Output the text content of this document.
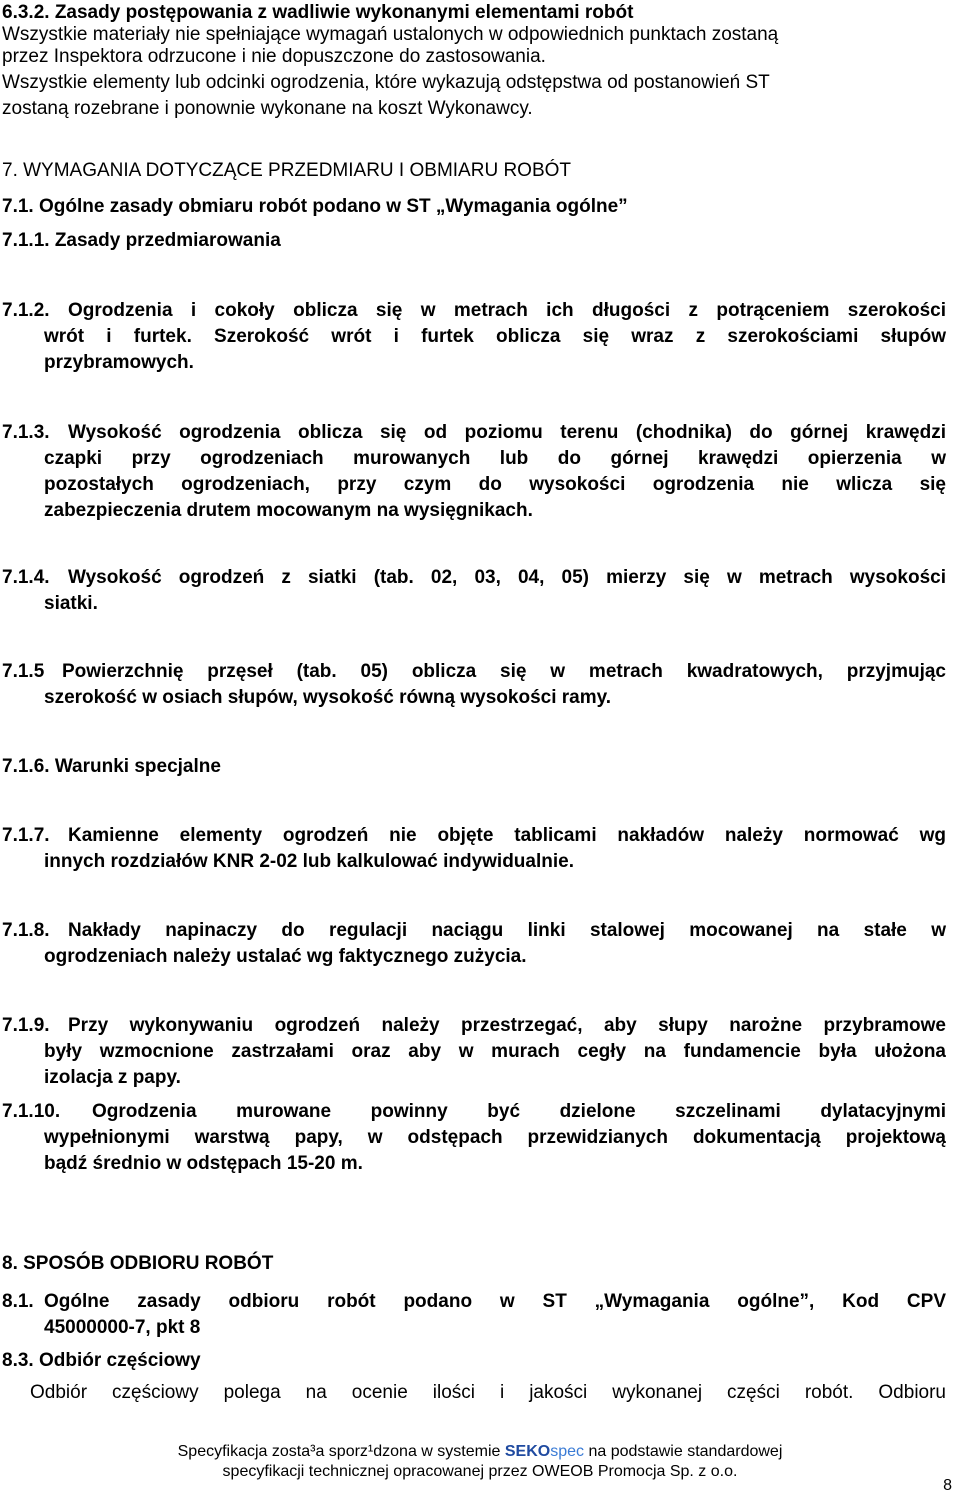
6.3.2. Zasady postępowania z wadliwie wykonanymi elementami robót
Wszystkie materiały nie spełniające wymagań ustalonych w odpowiednich punktach zostaną
przez Inspektora odrzucone i nie dopuszczone do zastosowania.
Wszystkie elementy lub odcinki ogrodzenia, które wykazują odstępstwa od postanowień ST
zostaną rozebrane i ponownie wykonane na koszt Wykonawcy.
7. WYMAGANIA DOTYCZĄCE PRZEDMIARU I OBMIARU ROBÓT
7.1. Ogólne zasady obmiaru robót podano w ST „Wymagania ogólne”
7.1.1. Zasady przedmiarowania
7.1.2. Ogrodzenia i cokoły oblicza się w metrach ich długości z potrąceniem szerokości
wrót i furtek. Szerokość wrót i furtek oblicza się wraz z szerokościami słupów
przybramowych.
7.1.3. Wysokość ogrodzenia oblicza się od poziomu terenu (chodnika) do górnej krawędzi
czapki przy ogrodzeniach murowanych lub do górnej krawędzi opierzenia w
pozostałych ogrodzeniach, przy czym do wysokości ogrodzenia nie wlicza się
zabezpieczenia drutem mocowanym na wysięgnikach.
7.1.4. Wysokość ogrodzeń z siatki (tab. 02, 03, 04, 05) mierzy się w metrach wysokości
siatki.
7.1.5 Powierzchnię przęseł (tab. 05) oblicza się w metrach kwadratowych, przyjmując
szerokość w osiach słupów, wysokość równą wysokości ramy.
7.1.6. Warunki specjalne
7.1.7. Kamienne elementy ogrodzeń nie objęte tablicami nakładów należy normować wg
innych rozdziałów KNR 2-02 lub kalkulować indywidualnie.
7.1.8. Nakłady napinaczy do regulacji naciągu linki stalowej mocowanej na stałe w
ogrodzeniach należy ustalać wg faktycznego zużycia.
7.1.9. Przy wykonywaniu ogrodzeń należy przestrzegać, aby słupy narożne przybramowe
były wzmocnione zastrzałami oraz aby w murach cegły na fundamencie była ułożona
izolacja z papy.
7.1.10. Ogrodzenia murowane powinny być dzielone szczelinami dylatacyjnymi
wypełnionymi warstwą papy, w odstępach przewidzianych dokumentacją projektową
bądź średnio w odstępach 15-20 m.
8. SPOSÓB ODBIORU ROBÓT
8.1. Ogólne zasady odbioru robót podano w ST „Wymagania ogólne”, Kod CPV
45000000-7, pkt 8
8.3. Odbiór częściowy
Odbiór częściowy polega na ocenie ilości i jakości wykonanej części robót. Odbioru
Specyfikacja zosta³a sporz¹dzona w systemie SEKOspec na podstawie standardowej
specyfikacji technicznej opracowanej przez OWEOB Promocja Sp. z o.o.
8
